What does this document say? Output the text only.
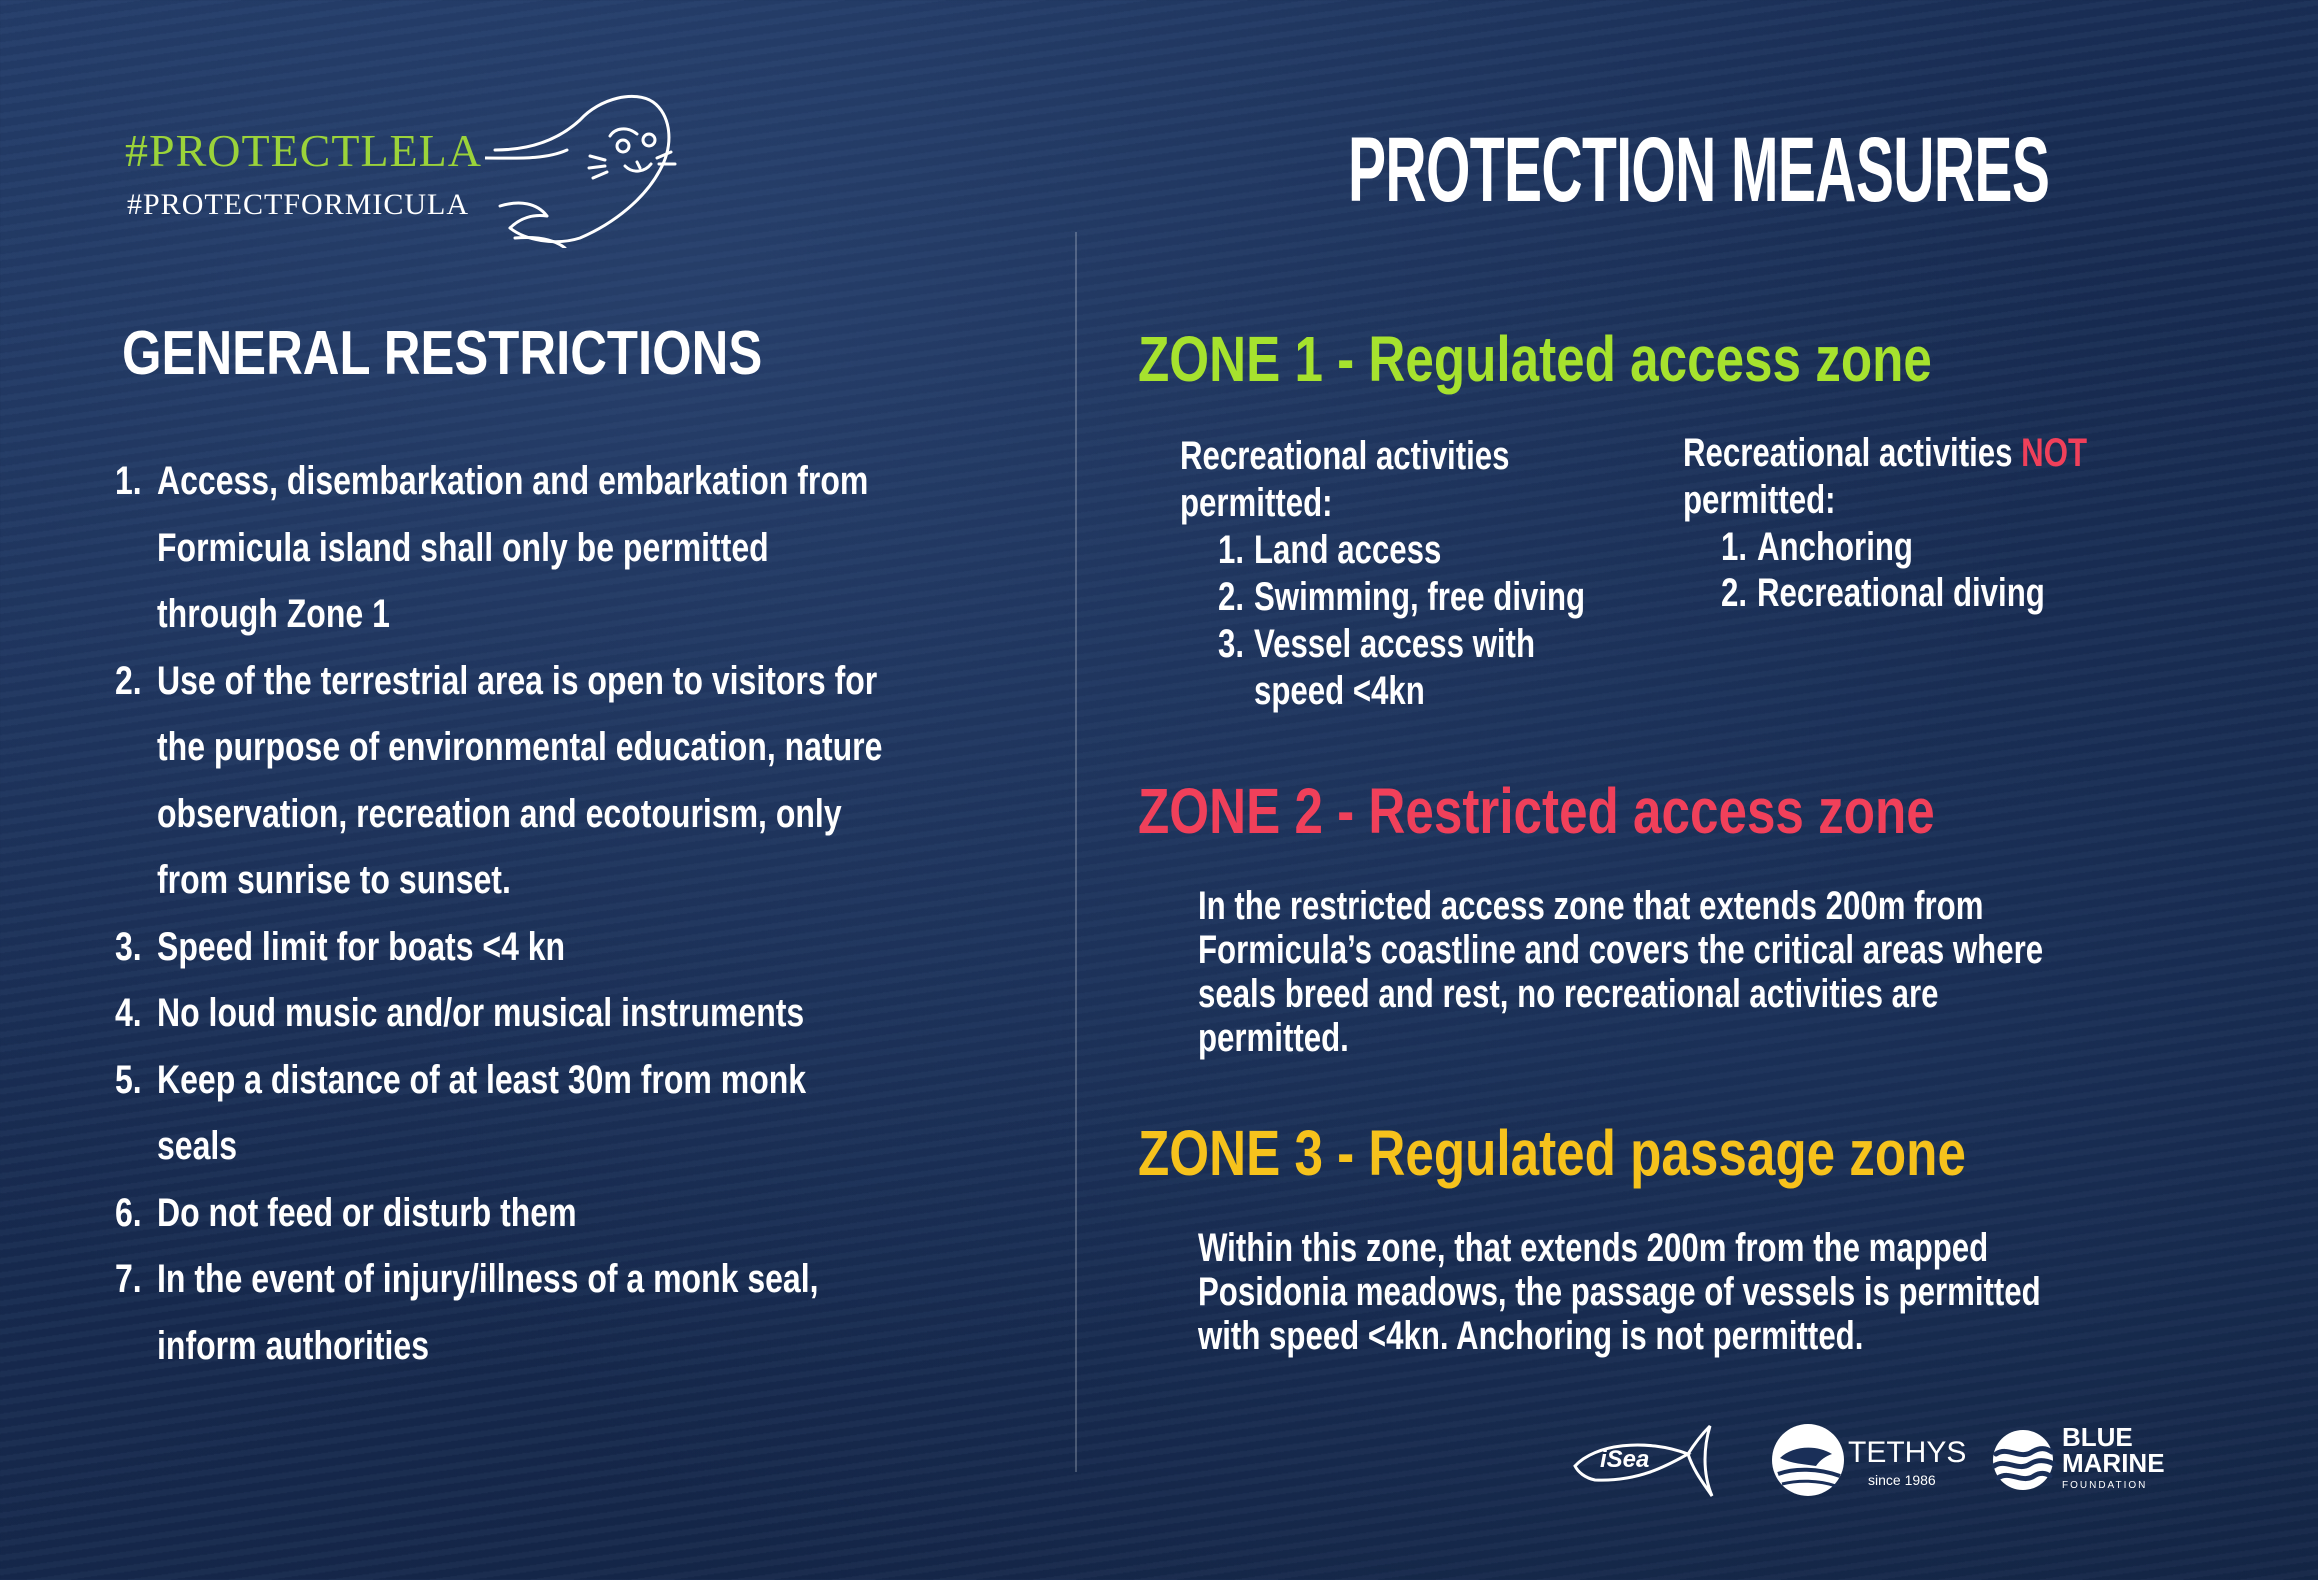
#PROTECTLELA
#PROTECTFORMICULA
GENERAL RESTRICTIONS
1. Access, disembarkation and embarkation from
Formicula island shall only be permitted
through Zone 1
2. Use of the terrestrial area is open to visitors for
the purpose of environmental education, nature
observation, recreation and ecotourism, only
from sunrise to sunset.
3. Speed limit for boats <4 kn
4. No loud music and/or musical instruments
5. Keep a distance of at least 30m from monk
seals
6. Do not feed or disturb them
7. In the event of injury/illness of a monk seal,
inform authorities
PROTECTION MEASURES
ZONE 1 - Regulated access zone
Recreational activities
permitted:
1. Land access
2. Swimming, free diving
3. Vessel access with
speed <4kn
Recreational activities NOT
permitted:
1. Anchoring
2. Recreational diving
ZONE 2 - Restricted access zone
In the restricted access zone that extends 200m from
Formicula’s coastline and covers the critical areas where
seals breed and rest, no recreational activities are
permitted.
ZONE 3 - Regulated passage zone
Within this zone, that extends 200m from the mapped
Posidonia meadows, the passage of vessels is permitted
with speed <4kn. Anchoring is not permitted.
iSea	TETHYS
since 1986
BLUE
MARINE
FOUNDATION
